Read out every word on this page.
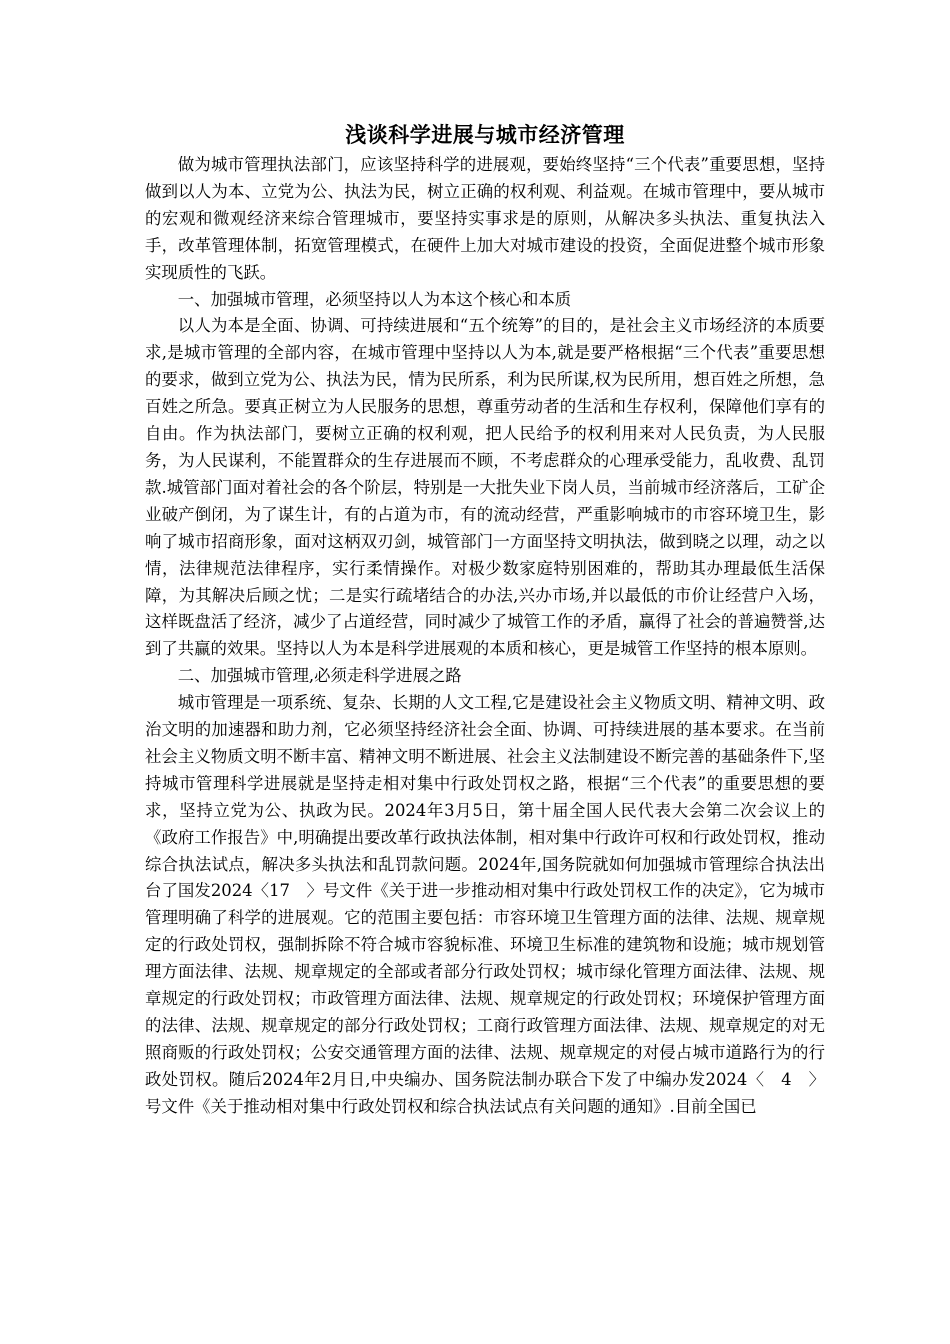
浅谈科学进展与城市经济管理

做为城市管理执法部门，应该坚持科学的进展观，要始终坚持“三个代表”重要思想，坚持做到以人为本、立党为公、执法为民，树立正确的权利观、利益观。在城市管理中，要从城市的宏观和微观经济来综合管理城市，要坚持实事求是的原则，从解决多头执法、重复执法入手，改革管理体制，拓宽管理模式，在硬件上加大对城市建设的投资，全面促进整个城市形象实现质性的飞跃。

一、加强城市管理，必须坚持以人为本这个核心和本质

以人为本是全面、协调、可持续进展和“五个统筹”的目的，是社会主义市场经济的本质要求,是城市管理的全部内容，在城市管理中坚持以人为本,就是要严格根据“三个代表”重要思想的要求，做到立党为公、执法为民，情为民所系，利为民所谋,权为民所用，想百姓之所想，急百姓之所急。要真正树立为人民服务的思想，尊重劳动者的生活和生存权利，保障他们享有的自由。作为执法部门，要树立正确的权利观，把人民给予的权利用来对人民负责，为人民服务，为人民谋利，不能置群众的生存进展而不顾，不考虑群众的心理承受能力，乱收费、乱罚款.城管部门面对着社会的各个阶层，特别是一大批失业下岗人员，当前城市经济落后，工矿企业破产倒闭，为了谋生计，有的占道为市，有的流动经营，严重影响城市的市容环境卫生，影响了城市招商形象，面对这柄双刃剑，城管部门一方面坚持文明执法，做到晓之以理，动之以情，法律规范法律程序，实行柔情操作。对极少数家庭特别困难的，帮助其办理最低生活保障，为其解决后顾之忧；二是实行疏堵结合的办法,兴办市场,并以最低的市价让经营户入场，这样既盘活了经济，减少了占道经营，同时减少了城管工作的矛盾，赢得了社会的普遍赞誉,达到了共赢的效果。坚持以人为本是科学进展观的本质和核心，更是城管工作坚持的根本原则。

二、加强城市管理,必须走科学进展之路

城市管理是一项系统、复杂、长期的人文工程,它是建设社会主义物质文明、精神文明、政治文明的加速器和助力剂，它必须坚持经济社会全面、协调、可持续进展的基本要求。在当前社会主义物质文明不断丰富、精神文明不断进展、社会主义法制建设不断完善的基础条件下,坚持城市管理科学进展就是坚持走相对集中行政处罚权之路，根据“三个代表”的重要思想的要求，坚持立党为公、执政为民。2024年3月5日，第十届全国人民代表大会第二次会议上的《政府工作报告》中,明确提出要改革行政执法体制，相对集中行政许可权和行政处罚权，推动综合执法试点，解决多头执法和乱罚款问题。2024年,国务院就如何加强城市管理综合执法出台了国发2024〈17　〉号文件《关于进一步推动相对集中行政处罚权工作的决定》，它为城市管理明确了科学的进展观。它的范围主要包括：市容环境卫生管理方面的法律、法规、规章规定的行政处罚权，强制拆除不符合城市容貌标准、环境卫生标准的建筑物和设施；城市规划管理方面法律、法规、规章规定的全部或者部分行政处罚权；城市绿化管理方面法律、法规、规章规定的行政处罚权；市政管理方面法律、法规、规章规定的行政处罚权；环境保护管理方面的法律、法规、规章规定的部分行政处罚权；工商行政管理方面法律、法规、规章规定的对无照商贩的行政处罚权；公安交通管理方面的法律、法规、规章规定的对侵占城市道路行为的行政处罚权。随后2024年2月日,中央编办、国务院法制办联合下发了中编办发2024〈　4　〉号文件《关于推动相对集中行政处罚权和综合执法试点有关问题的通知》.目前全国已
